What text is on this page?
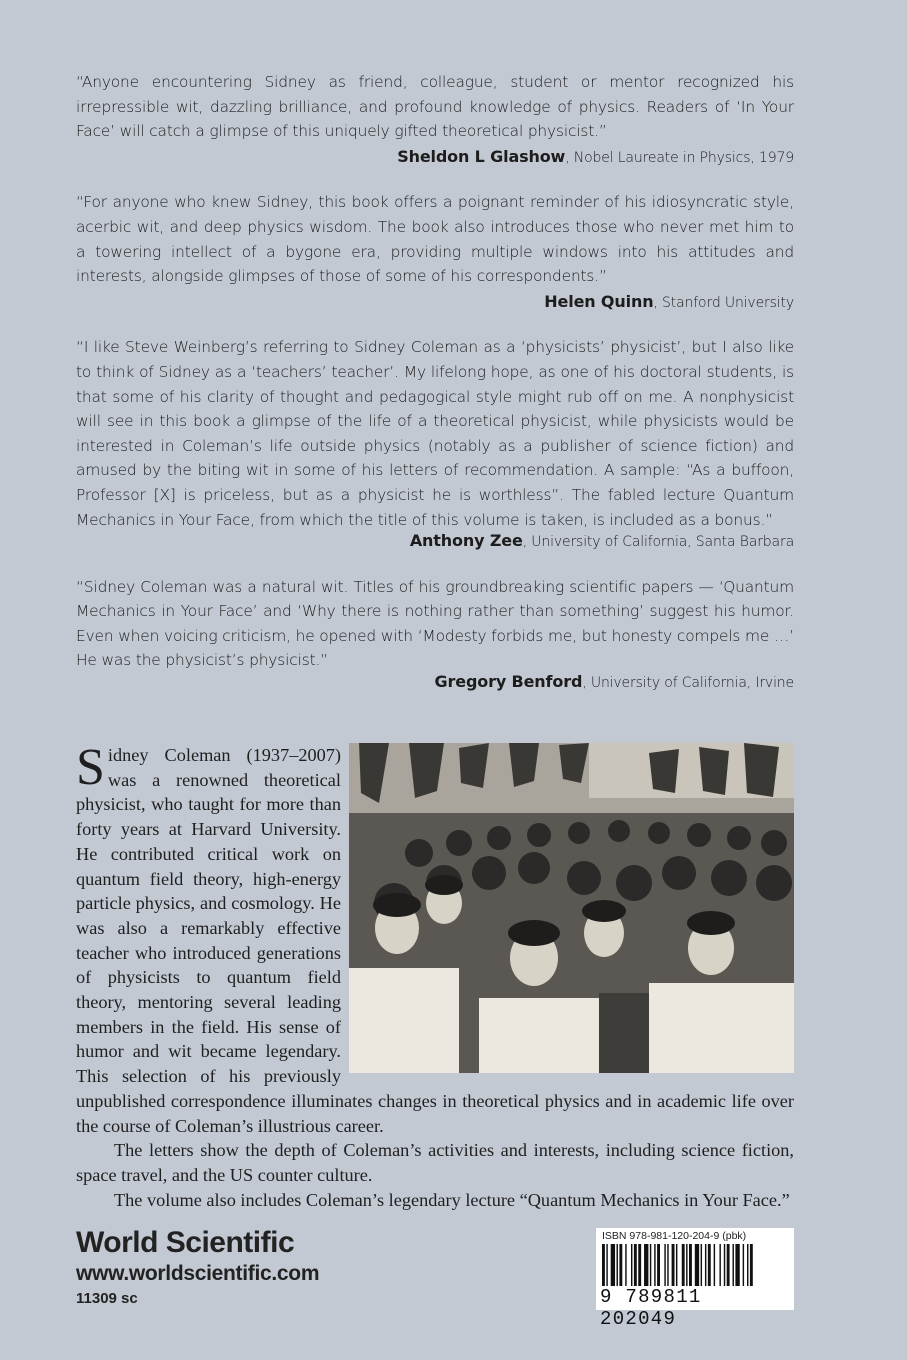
“Anyone encountering Sidney as friend, colleague, student or mentor recognized his irrepressible wit, dazzling brilliance, and profound knowledge of physics. Readers of ‘In Your Face’ will catch a glimpse of this uniquely gifted theoretical physicist.”
Sheldon L Glashow, Nobel Laureate in Physics, 1979
“For anyone who knew Sidney, this book offers a poignant reminder of his idiosyncratic style, acerbic wit, and deep physics wisdom. The book also introduces those who never met him to a towering intellect of a bygone era, providing multiple windows into his attitudes and interests, alongside glimpses of those of some of his correspondents.”
Helen Quinn, Stanford University
“I like Steve Weinberg’s referring to Sidney Coleman as a ‘physicists’ physicist’, but I also like to think of Sidney as a ‘teachers’ teacher’. My lifelong hope, as one of his doctoral students, is that some of his clarity of thought and pedagogical style might rub off on me. A nonphysicist will see in this book a glimpse of the life of a theoretical physicist, while physicists would be interested in Coleman’s life outside physics (notably as a publisher of science fiction) and amused by the biting wit in some of his letters of recommendation. A sample: “As a buffoon, Professor [X] is priceless, but as a physicist he is worthless”. The fabled lecture Quantum Mechanics in Your Face, from which the title of this volume is taken, is included as a bonus.”
Anthony Zee, University of California, Santa Barbara
“Sidney Coleman was a natural wit. Titles of his groundbreaking scientific papers — ‘Quantum Mechanics in Your Face’ and ‘Why there is nothing rather than something’ suggest his humor. Even when voicing criticism, he opened with ‘Modesty forbids me, but honesty compels me …’ He was the physicist’s physicist.”
Gregory Benford, University of California, Irvine

Sidney Coleman (1937–2007) was a renowned theoretical physicist, who taught for more than forty years at Harvard University. He contributed critical work on quantum field theory, high-energy particle physics, and cosmology. He was also a remarkably effective teacher who introduced generations of physicists to quantum field theory, mentoring several leading members in the field. His sense of humor and wit became legendary. This selection of his previously unpublished correspondence illuminates changes in theoretical physics and in academic life over the course of Coleman’s illustrious career.

The letters show the depth of Coleman’s activities and interests, including science fiction, space travel, and the US counter culture.

The volume also includes Coleman’s legendary lecture “Quantum Mechanics in Your Face.”

World Scientific
www.worldscientific.com
11309 sc
ISBN 978-981-120-204-9 (pbk)
9 789811 202049
